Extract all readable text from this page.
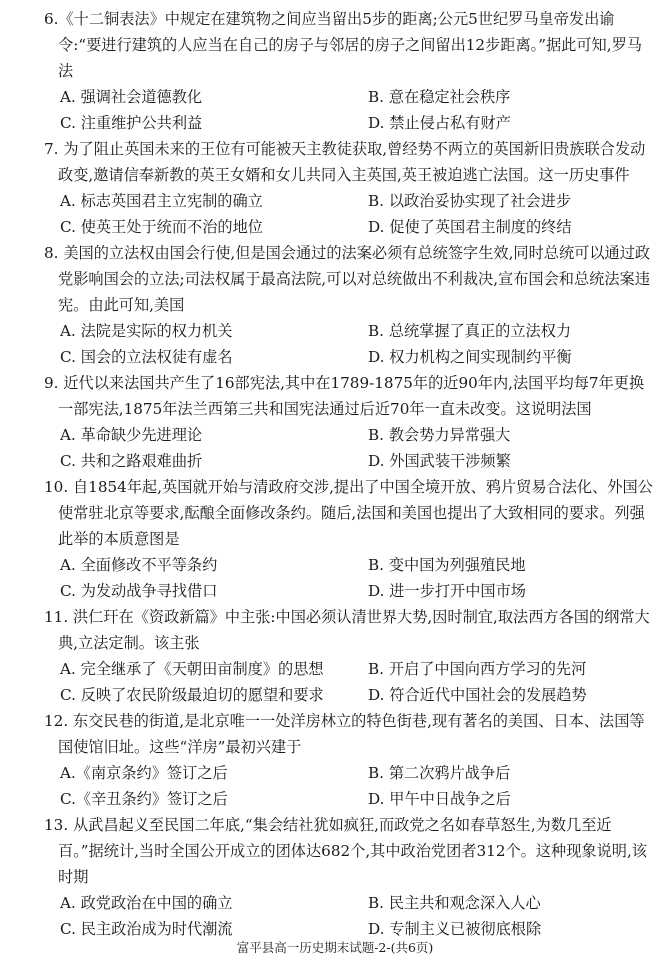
6.《十二铜表法》中规定在建筑物之间应当留出5步的距离;公元5世纪罗马皇帝发出谕令:“要进行建筑的人应当在自己的房子与邻居的房子之间留出12步距离。”据此可知,罗马法

A. 强调社会道德教化	B. 意在稳定社会秩序
C. 注重维护公共利益	D. 禁止侵占私有财产

7. 为了阻止英国未来的王位有可能被天主教徒获取,曾经势不两立的英国新旧贵族联合发动政变,邀请信奉新教的英王女婿和女儿共同入主英国,英王被迫逃亡法国。这一历史事件

A. 标志英国君主立宪制的确立	B. 以政治妥协实现了社会进步
C. 使英王处于统而不治的地位	D. 促使了英国君主制度的终结

8. 美国的立法权由国会行使,但是国会通过的法案必须有总统签字生效,同时总统可以通过政党影响国会的立法;司法权属于最高法院,可以对总统做出不利裁决,宣布国会和总统法案违宪。由此可知,美国

A. 法院是实际的权力机关	B. 总统掌握了真正的立法权力
C. 国会的立法权徒有虚名	D. 权力机构之间实现制约平衡

9. 近代以来法国共产生了16部宪法,其中在1789-1875年的近90年内,法国平均每7年更换一部宪法,1875年法兰西第三共和国宪法通过后近70年一直未改变。这说明法国

A. 革命缺少先进理论	B. 教会势力异常强大
C. 共和之路艰难曲折	D. 外国武装干涉频繁

10. 自1854年起,英国就开始与清政府交涉,提出了中国全境开放、鸦片贸易合法化、外国公使常驻北京等要求,酝酿全面修改条约。随后,法国和美国也提出了大致相同的要求。列强此举的本质意图是

A. 全面修改不平等条约	B. 变中国为列强殖民地
C. 为发动战争寻找借口	D. 进一步打开中国市场

11. 洪仁玕在《资政新篇》中主张:中国必须认清世界大势,因时制宜,取法西方各国的纲常大典,立法定制。该主张

A. 完全继承了《天朝田亩制度》的思想	B. 开启了中国向西方学习的先河
C. 反映了农民阶级最迫切的愿望和要求	D. 符合近代中国社会的发展趋势

12. 东交民巷的街道,是北京唯一一处洋房林立的特色街巷,现有著名的美国、日本、法国等国使馆旧址。这些“洋房”最初兴建于

A.《南京条约》签订之后	B. 第二次鸦片战争后
C.《辛丑条约》签订之后	D. 甲午中日战争之后

13. 从武昌起义至民国二年底,“集会结社犹如疯狂,而政党之名如春草怒生,为数几至近百。”据统计,当时全国公开成立的团体达682个,其中政治党团者312个。这种现象说明,该时期

A. 政党政治在中国的确立	B. 民主共和观念深入人心
C. 民主政治成为时代潮流	D. 专制主义已被彻底根除
富平县高一历史期末试题-2-(共6页)
